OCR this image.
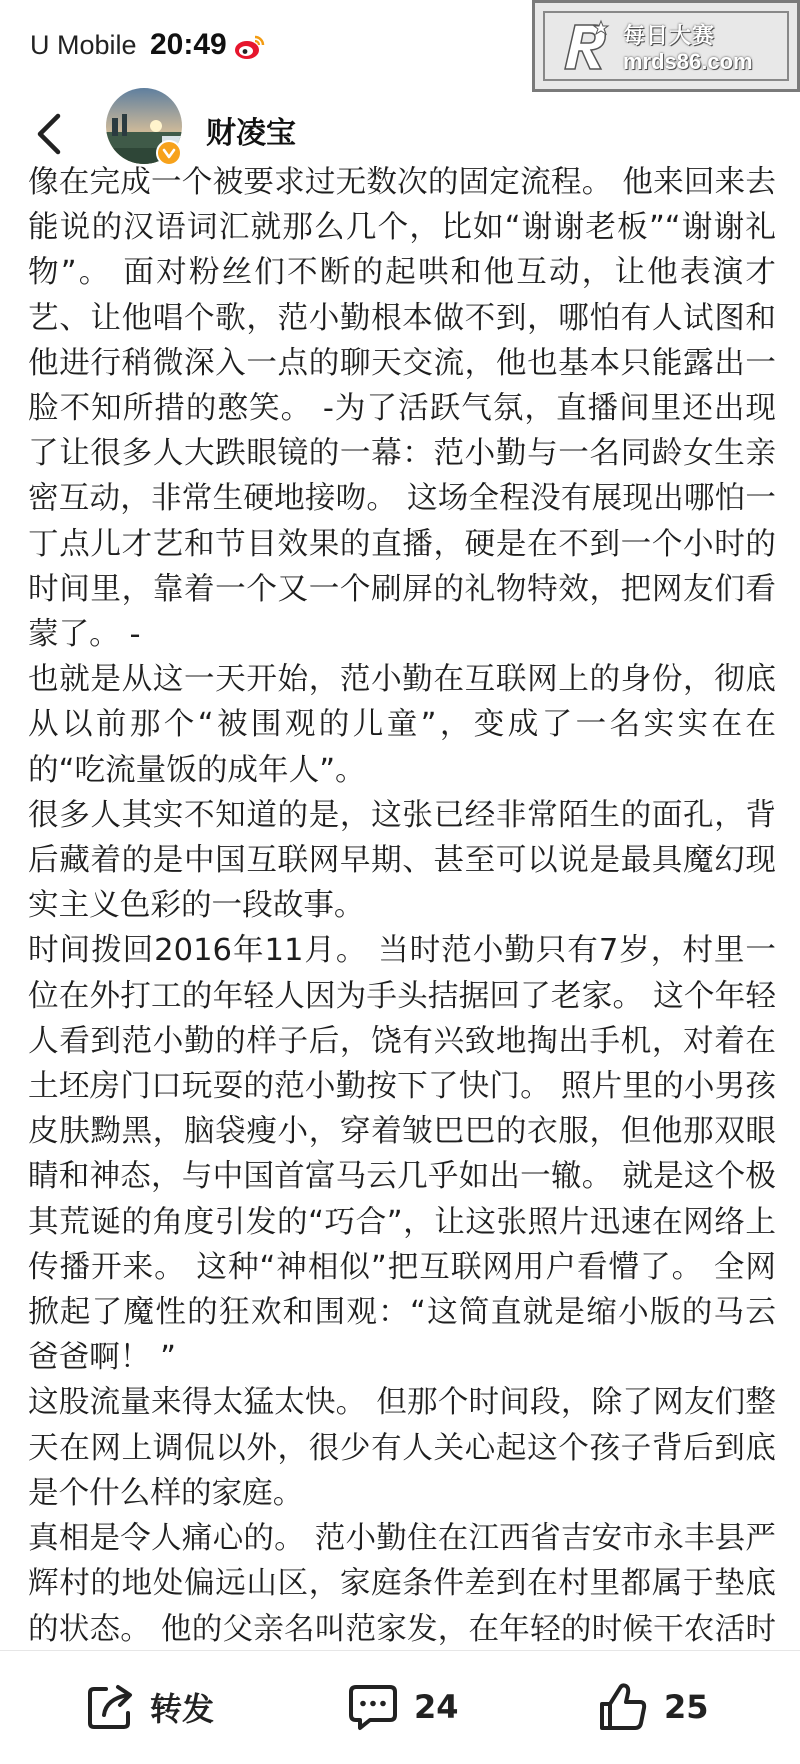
U Mobile 20:49	每日大赛
mrds86.com
财凌宝

像在完成一个被要求过无数次的固定流程。 他来回来去能说的汉语词汇就那么几个，比如“谢谢老板”“谢谢礼物”。 面对粉丝们不断的起哄和他互动，让他表演才艺、让他唱个歌，范小勤根本做不到，哪怕有人试图和他进行稍微深入一点的聊天交流，他也基本只能露出一脸不知所措的憨笑。 -为了活跃气氛，直播间里还出现了让很多人大跌眼镜的一幕：范小勤与一名同龄女生亲密互动，非常生硬地接吻。 这场全程没有展现出哪怕一丁点儿才艺和节目效果的直播，硬是在不到一个小时的时间里，靠着一个又一个刷屏的礼物特效，把网友们看蒙了。 -

也就是从这一天开始，范小勤在互联网上的身份，彻底从以前那个“被围观的儿童”，变成了一名实实在在的“吃流量饭的成年人”。

很多人其实不知道的是，这张已经非常陌生的面孔，背后藏着的是中国互联网早期、甚至可以说是最具魔幻现实主义色彩的一段故事。

时间拨回2016年11月。 当时范小勤只有7岁，村里一位在外打工的年轻人因为手头拮据回了老家。 这个年轻人看到范小勤的样子后，饶有兴致地掏出手机，对着在土坯房门口玩耍的范小勤按下了快门。 照片里的小男孩皮肤黝黑，脑袋瘦小，穿着皱巴巴的衣服，但他那双眼睛和神态，与中国首富马云几乎如出一辙。 就是这个极其荒诞的角度引发的“巧合”，让这张照片迅速在网络上传播开来。 这种“神相似”把互联网用户看懵了。 全网掀起了魔性的狂欢和围观：“这简直就是缩小版的马云爸爸啊！ ”

这股流量来得太猛太快。 但那个时间段，除了网友们整天在网上调侃以外，很少有人关心起这个孩子背后到底是个什么样的家庭。

真相是令人痛心的。 范小勤住在江西省吉安市永丰县严辉村的地处偏远山区，家庭条件差到在村里都属于垫底的状态。 他的父亲名叫范家发，在年轻的时候干农活时

转发	24	25
